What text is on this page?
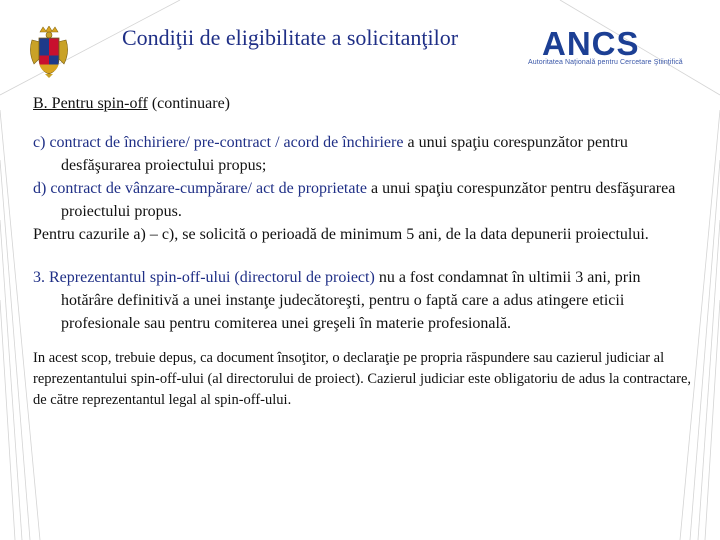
Condiţii de eligibilitate a solicitanţilor	ANCS
Autoritatea Naţională pentru Cercetare Ştiinţifică

B. Pentru spin-off (continuare)

c) contract de închiriere/ pre-contract / acord de închiriere a unui spaţiu corespunzător pentru desfăşurarea proiectului propus;

d) contract de vânzare-cumpărare/ act de proprietate a unui spaţiu corespunzător pentru desfăşurarea proiectului propus.

Pentru cazurile a) – c), se solicită o perioadă de minimum 5 ani, de la data depunerii proiectului.

3. Reprezentantul spin-off-ului (directorul de proiect) nu a fost condamnat în ultimii 3 ani, prin hotărâre definitivă a unei instanţe judecătoreşti, pentru o faptă care a adus atingere eticii profesionale sau pentru comiterea unei greşeli în materie profesională.

In acest scop, trebuie depus, ca document însoţitor, o declaraţie pe propria răspundere sau cazierul judiciar al reprezentantului spin-off-ului (al directorului de proiect). Cazierul judiciar este obligatoriu de adus la contractare, de către reprezentantul legal al spin-off-ului.
